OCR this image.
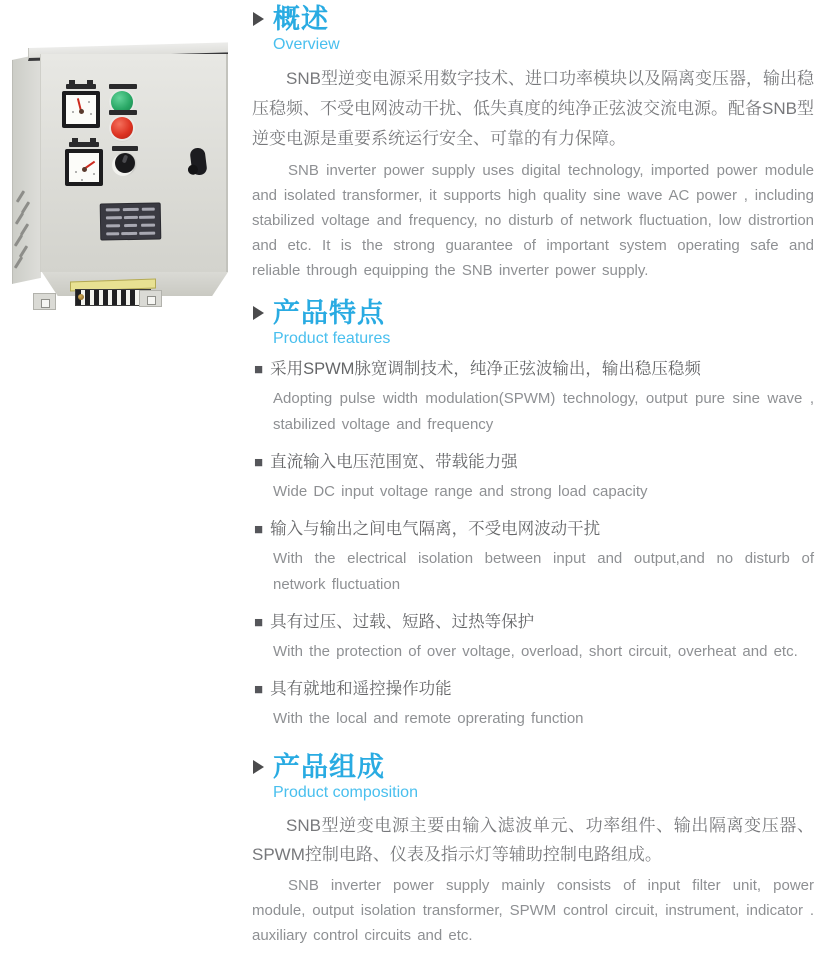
概述
Overview

SNB型逆变电源采用数字技术、进口功率模块以及隔离变压器，输出稳压稳频、不受电网波动干扰、低失真度的纯净正弦波交流电源。配备SNB型逆变电源是重要系统运行安全、可靠的有力保障。

SNB inverter power supply uses digital technology, imported power module and isolated transformer, it supports high quality sine wave AC power , including stabilized voltage and frequency, no disturb of network fluctuation, low distrortion and etc. It is the strong guarantee of important system operating safe and reliable through equipping the SNB inverter power supply.

产品特点
Product features
■ 采用SPWM脉宽调制技术，纯净正弦波输出，输出稳压稳频
Adopting pulse width modulation(SPWM) technology, output pure sine wave , stabilized voltage and frequency
■ 直流输入电压范围宽、带载能力强
Wide DC input voltage range and strong load capacity
■ 输入与输出之间电气隔离，不受电网波动干扰
With the electrical isolation between input and output,and no disturb of network fluctuation
■ 具有过压、过载、短路、过热等保护
With the protection of over voltage, overload, short circuit, overheat and etc.
■ 具有就地和遥控操作功能
With the local and remote oprerating function
产品组成
Product composition

SNB型逆变电源主要由输入滤波单元、功率组件、输出隔离变压器、SPWM控制电路、仪表及指示灯等辅助控制电路组成。

SNB inverter power supply mainly consists of input filter unit, power module, output isolation transformer, SPWM control circuit, instrument, indicator . auxiliary control circuits and etc.
